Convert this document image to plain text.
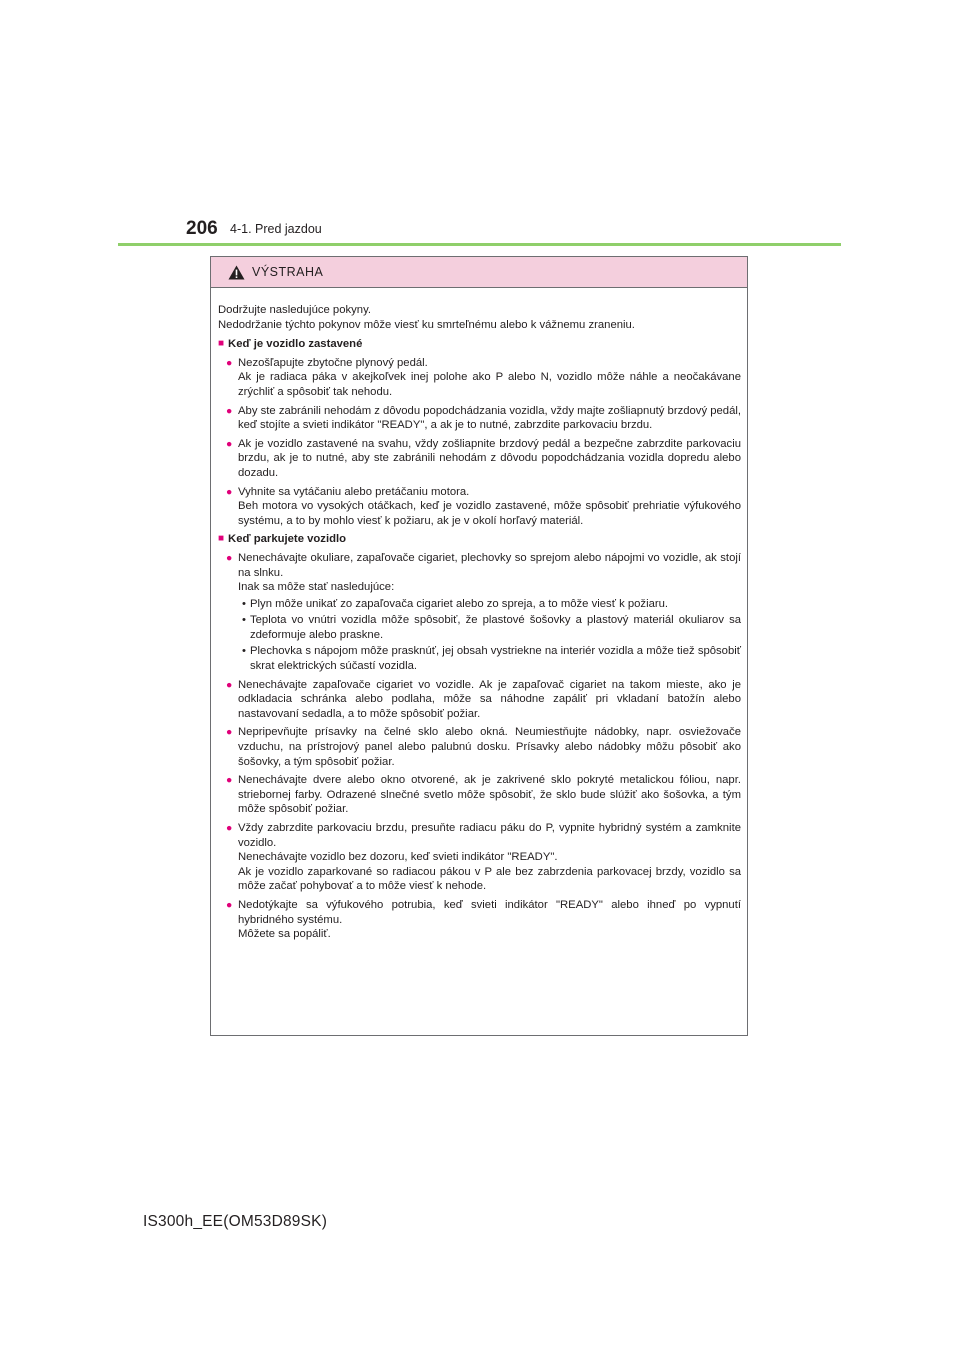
206 4-1. Pred jazdou
VÝSTRAHA
Dodržujte nasledujúce pokyny.
Nedodržanie týchto pokynov môže viesť ku smrteľnému alebo k vážnemu zraneniu.
■ Keď je vozidlo zastavené
● Nezošľapujte zbytočne plynový pedál.
Ak je radiaca páka v akejkoľvek inej polohe ako P alebo N, vozidlo môže náhle a neočakávane zrýchliť a spôsobiť tak nehodu.
● Aby ste zabránili nehodám z dôvodu popodchádzania vozidla, vždy majte zošliapnutý brzdový pedál, keď stojíte a svieti indikátor "READY", a ak je to nutné, zabrzdite parkovaciu brzdu.
● Ak je vozidlo zastavené na svahu, vždy zošliapnite brzdový pedál a bezpečne zabrzdite parkovaciu brzdu, ak je to nutné, aby ste zabránili nehodám z dôvodu popodchádzania vozidla dopredu alebo dozadu.
● Vyhnite sa vytáčaniu alebo pretáčaniu motora.
Beh motora vo vysokých otáčkach, keď je vozidlo zastavené, môže spôsobiť prehriatie výfukového systému, a to by mohlo viesť k požiaru, ak je v okolí horľavý materiál.
■ Keď parkujete vozidlo
● Nenechávajte okuliare, zapaľovače cigariet, plechovky so sprejom alebo nápojmi vo vozidle, ak stojí na slnku.
Inak sa môže stať nasledujúce:
• Plyn môže unikať zo zapaľovača cigariet alebo zo spreja, a to môže viesť k požiaru.
• Teplota vo vnútri vozidla môže spôsobiť, že plastové šošovky a plastový materiál okuliarov sa zdeformuje alebo praskne.
• Plechovka s nápojom môže prasknúť, jej obsah vystriekne na interiér vozidla a môže tiež spôsobiť skrat elektrických súčastí vozidla.
● Nenechávajte zapaľovače cigariet vo vozidle. Ak je zapaľovač cigariet na takom mieste, ako je odkladacia schránka alebo podlaha, môže sa náhodne zapáliť pri vkladaní batožín alebo nastavovaní sedadla, a to môže spôsobiť požiar.
● Nepripevňujte prísavky na čelné sklo alebo okná. Neumiestňujte nádobky, napr. osviežovače vzduchu, na prístrojový panel alebo palubnú dosku. Prísavky alebo nádobky môžu pôsobiť ako šošovky, a tým spôsobiť požiar.
● Nenechávajte dvere alebo okno otvorené, ak je zakrivené sklo pokryté metalickou fóliou, napr. striebornej farby. Odrazené slnečné svetlo môže spôsobiť, že sklo bude slúžiť ako šošovka, a tým môže spôsobiť požiar.
● Vždy zabrzdite parkovaciu brzdu, presuňte radiacu páku do P, vypnite hybridný systém a zamknite vozidlo.
Nenechávajte vozidlo bez dozoru, keď svieti indikátor "READY".
Ak je vozidlo zaparkované so radiacou pákou v P ale bez zabrzdenia parkovacej brzdy, vozidlo sa môže začať pohybovať a to môže viesť k nehode.
● Nedotýkajte sa výfukového potrubia, keď svieti indikátor "READY" alebo ihneď po vypnutí hybridného systému.
Môžete sa popáliť.
IS300h_EE(OM53D89SK)
